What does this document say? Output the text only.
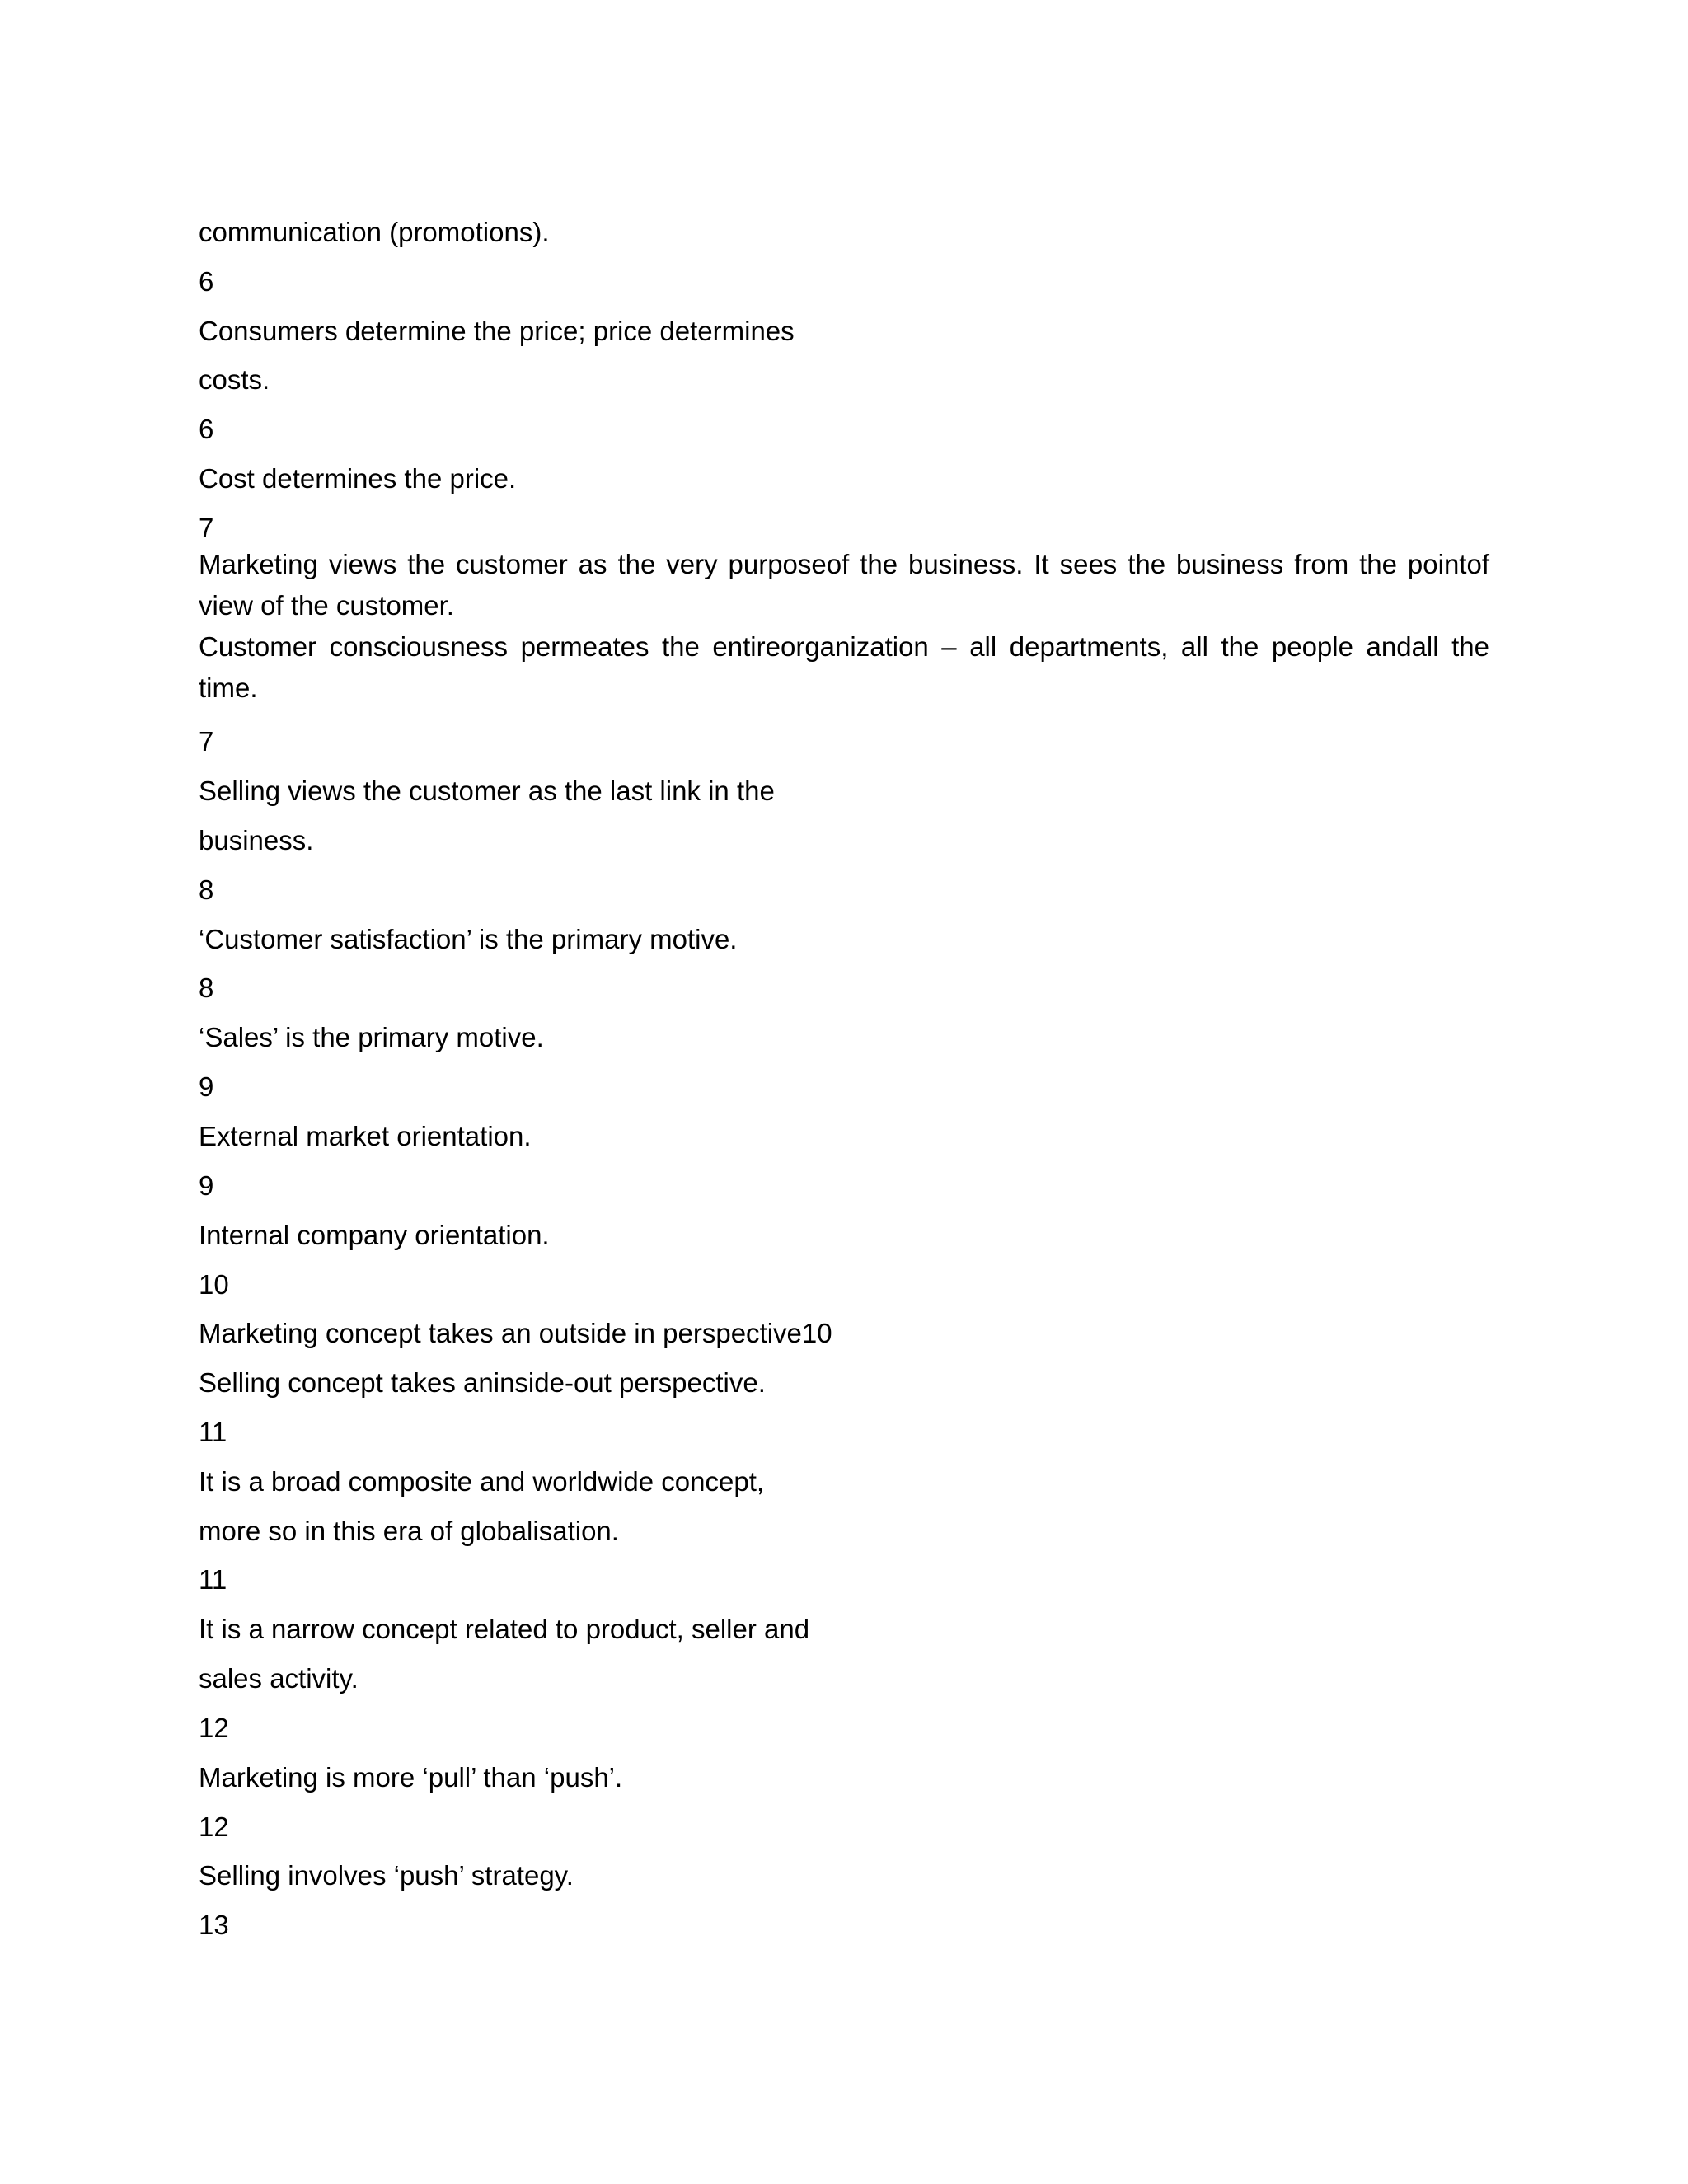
communication (promotions).
6
Consumers determine the price; price determines
costs.
6
Cost determines the price.
7
Marketing views the customer as the very purposeof the business. It sees the business from the pointof view of the customer.
Customer consciousness permeates the entireorganization – all departments, all the people andall the time.
7
Selling views the customer as the last link in the
business.
8
‘Customer satisfaction’ is the primary motive.
8
‘Sales’ is the primary motive.
9
External market orientation.
9
Internal company orientation.
10
Marketing concept takes an outside in perspective10
Selling concept takes aninside-out perspective.
11
It is a broad composite and worldwide concept,
more so in this era of globalisation.
11
It is a narrow concept related to product, seller and
sales activity.
12
Marketing is more ‘pull’ than ‘push’.
12
Selling involves ‘push’ strategy.
13
